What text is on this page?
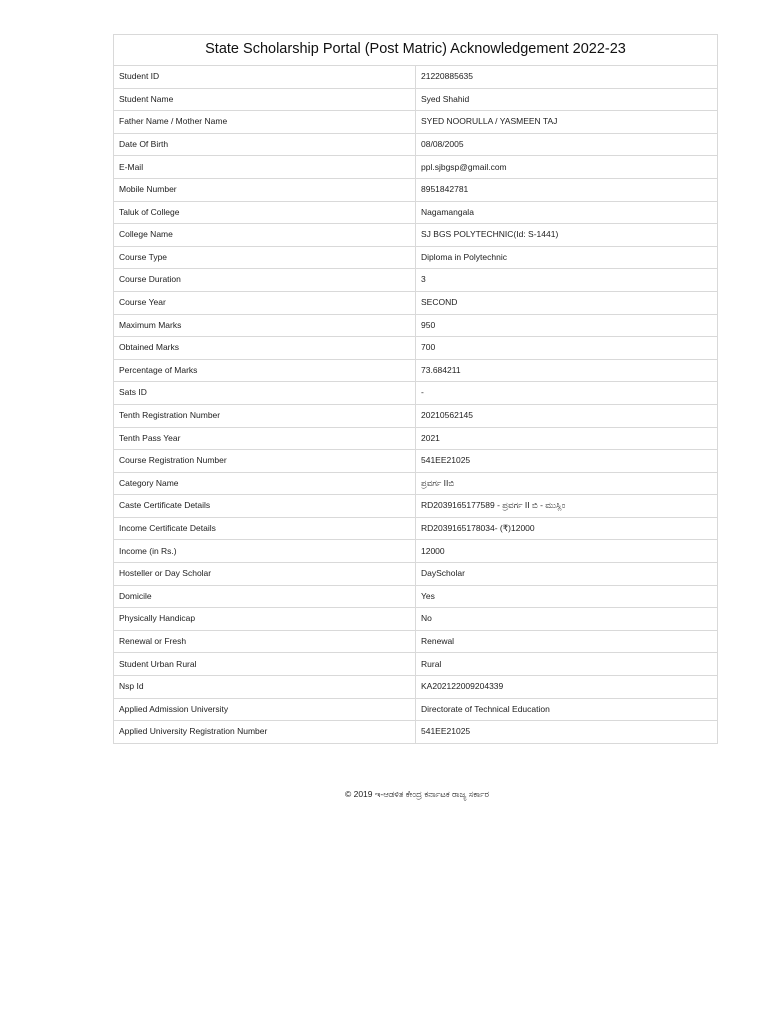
State Scholarship Portal (Post Matric) Acknowledgement 2022-23	
Student ID	21220885635
Student Name	Syed Shahid
Father Name / Mother Name	SYED NOORULLA / YASMEEN TAJ
Date Of Birth	08/08/2005
E-Mail	ppl.sjbgsp@gmail.com
Mobile Number	8951842781
Taluk of College	Nagamangala
College Name	SJ BGS POLYTECHNIC(Id: S-1441)
Course Type	Diploma in Polytechnic
Course Duration	3
Course Year	SECOND
Maximum Marks	950
Obtained Marks	700
Percentage of Marks	73.684211
Sats ID	-
Tenth Registration Number	20210562145
Tenth Pass Year	2021
Course Registration Number	541EE21025
Category Name	ಪ್ರವರ್ಗ IIಬಿ
Caste Certificate Details	RD2039165177589 - ಪ್ರವರ್ಗ II ಬಿ - ಮುಸ್ಲಿಂ
Income Certificate Details	RD2039165178034- (₹)12000
Income (in Rs.)	12000
Hosteller or Day Scholar	DayScholar
Domicile	Yes
Physically Handicap	No
Renewal or Fresh	Renewal
Student Urban Rural	Rural
Nsp Id	KA202122009204339
Applied Admission University	Directorate of Technical Education
Applied University Registration Number	541EE21025
© 2019 ಇ-ಆಡಳಿತ ಕೇಂದ್ರ ಕರ್ನಾಟಕ ರಾಜ್ಯ ಸರ್ಕಾರ
